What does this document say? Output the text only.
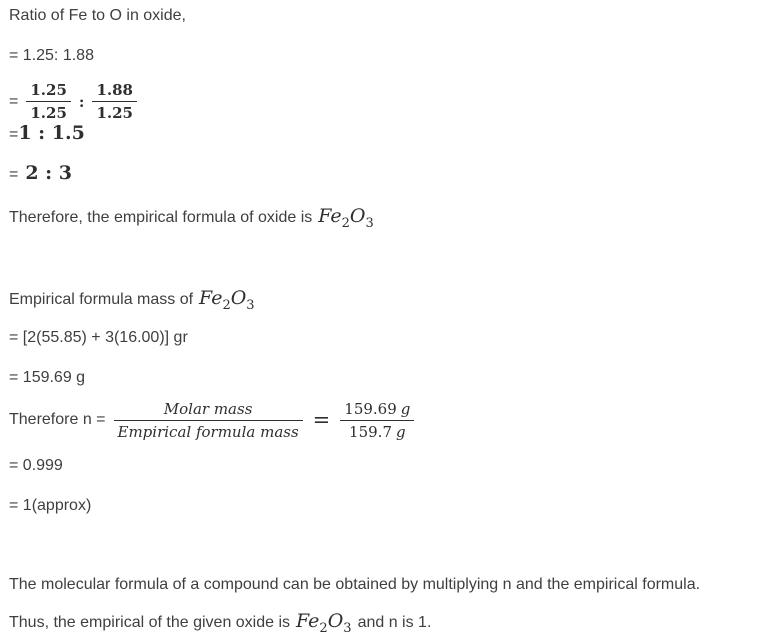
Ratio of Fe to O in oxide,
= 1.25: 1.88
= $\frac{1.25}{1.25}$ : $\frac{1.88}{1.25}$
=1 : 1.5
= 2 : 3
Therefore, the empirical formula of oxide is $Fe_2O_3$
Empirical formula mass of $Fe_2O_3$
= [2(55.85) + 3(16.00)] gr
= 159.69 g
Therefore $n = \frac{\text{Molar mass}}{\text{Empirical formula mass}} = \frac{159.69 g}{159.7 g}$
= 0.999
= 1(approx)
The molecular formula of a compound can be obtained by multiplying n and the empirical formula.
Thus, the empirical of the given oxide is $Fe_2O_3$ and n is 1.
